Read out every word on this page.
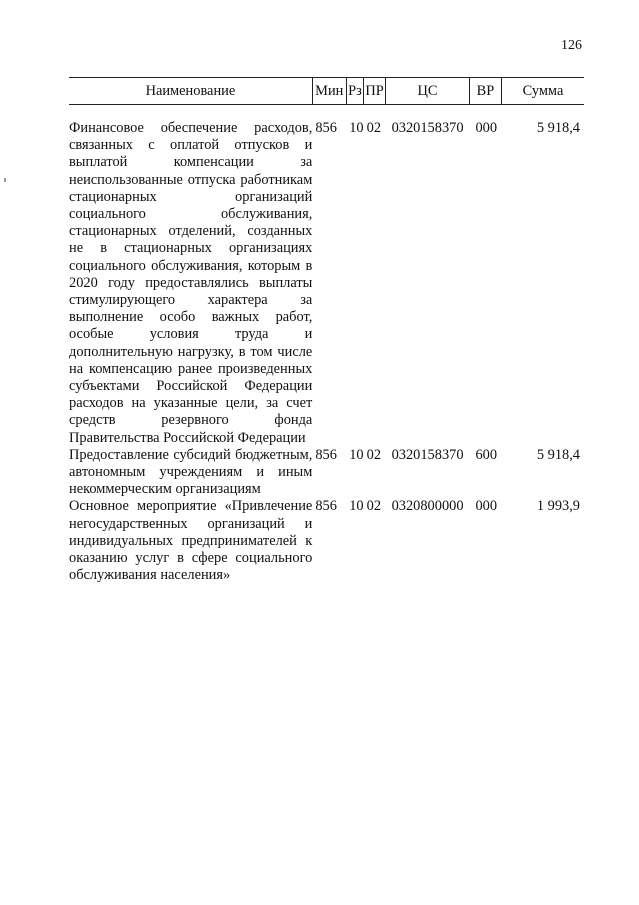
126
Наименование	Мин	Рз	ПР	ЦС	ВР	Сумма

Финансовое обеспечение расходов, связанных с оплатой отпусков и выплатой компенсации за неиспользованные отпуска работникам стационарных организаций социального обслуживания, стационарных отделений, созданных не в стационарных организациях социального обслуживания, которым в 2020 году предоставлялись выплаты стимулирующего характера за выполнение особо важных работ, особые условия труда и дополнительную нагрузку, в том числе на компенсацию ранее произведенных субъектами Российской Федерации расходов на указанные цели, за счет средств резервного фонда Правительства Российской Федерации	856	10	02	0320158370	000	5 918,4
Предоставление субсидий бюджетным, автономным учреждениям и иным некоммерческим организациям	856	10	02	0320158370	600	5 918,4
Основное мероприятие «Привлечение негосударственных организаций и индивидуальных предпринимателей к оказанию услуг в сфере социального обслуживания населения»	856	10	02	0320800000	000	1 993,9
